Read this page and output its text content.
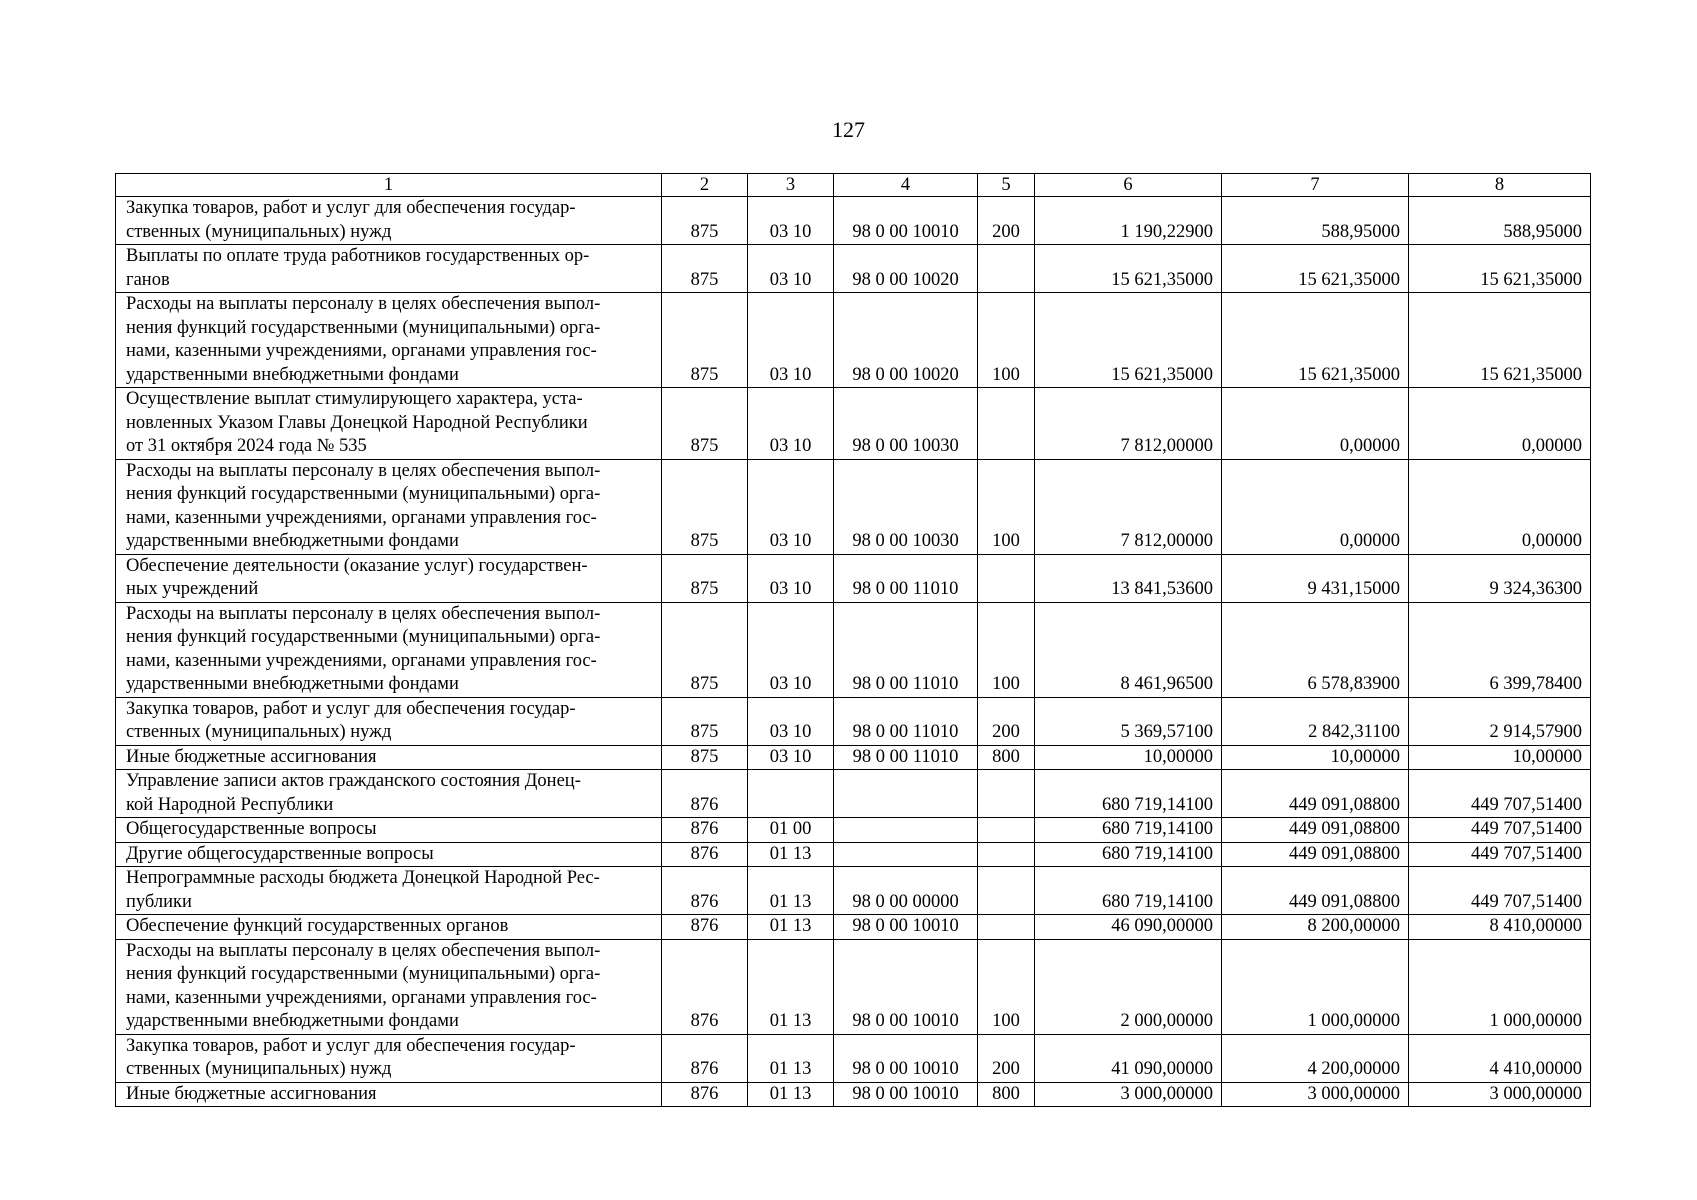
127
1	2	3	4	5	6	7	8
Закупка товаров, работ и услуг для обеспечения государ-
ственных (муниципальных) нужд	875	03 10	98 0 00 10010	200	1 190,22900	588,95000	588,95000
Выплаты по оплате труда работников государственных ор-
ганов	875	03 10	98 0 00 10020		15 621,35000	15 621,35000	15 621,35000
Расходы на выплаты персоналу в целях обеспечения выпол-
нения функций государственными (муниципальными) орга-
нами, казенными учреждениями, органами управления гос-
ударственными внебюджетными фондами	875	03 10	98 0 00 10020	100	15 621,35000	15 621,35000	15 621,35000
Осуществление выплат стимулирующего характера, уста-
новленных Указом Главы Донецкой Народной Республики
от 31 октября 2024 года № 535	875	03 10	98 0 00 10030		7 812,00000	0,00000	0,00000
Расходы на выплаты персоналу в целях обеспечения выпол-
нения функций государственными (муниципальными) орга-
нами, казенными учреждениями, органами управления гос-
ударственными внебюджетными фондами	875	03 10	98 0 00 10030	100	7 812,00000	0,00000	0,00000
Обеспечение деятельности (оказание услуг) государствен-
ных учреждений	875	03 10	98 0 00 11010		13 841,53600	9 431,15000	9 324,36300
Расходы на выплаты персоналу в целях обеспечения выпол-
нения функций государственными (муниципальными) орга-
нами, казенными учреждениями, органами управления гос-
ударственными внебюджетными фондами	875	03 10	98 0 00 11010	100	8 461,96500	6 578,83900	6 399,78400
Закупка товаров, работ и услуг для обеспечения государ-
ственных (муниципальных) нужд	875	03 10	98 0 00 11010	200	5 369,57100	2 842,31100	2 914,57900
Иные бюджетные ассигнования	875	03 10	98 0 00 11010	800	10,00000	10,00000	10,00000
Управление записи актов гражданского состояния Донец-
кой Народной Республики	876				680 719,14100	449 091,08800	449 707,51400
Общегосударственные вопросы	876	01 00			680 719,14100	449 091,08800	449 707,51400
Другие общегосударственные вопросы	876	01 13			680 719,14100	449 091,08800	449 707,51400
Непрограммные расходы бюджета Донецкой Народной Рес-
публики	876	01 13	98 0 00 00000		680 719,14100	449 091,08800	449 707,51400
Обеспечение функций государственных органов	876	01 13	98 0 00 10010		46 090,00000	8 200,00000	8 410,00000
Расходы на выплаты персоналу в целях обеспечения выпол-
нения функций государственными (муниципальными) орга-
нами, казенными учреждениями, органами управления гос-
ударственными внебюджетными фондами	876	01 13	98 0 00 10010	100	2 000,00000	1 000,00000	1 000,00000
Закупка товаров, работ и услуг для обеспечения государ-
ственных (муниципальных) нужд	876	01 13	98 0 00 10010	200	41 090,00000	4 200,00000	4 410,00000
Иные бюджетные ассигнования	876	01 13	98 0 00 10010	800	3 000,00000	3 000,00000	3 000,00000
